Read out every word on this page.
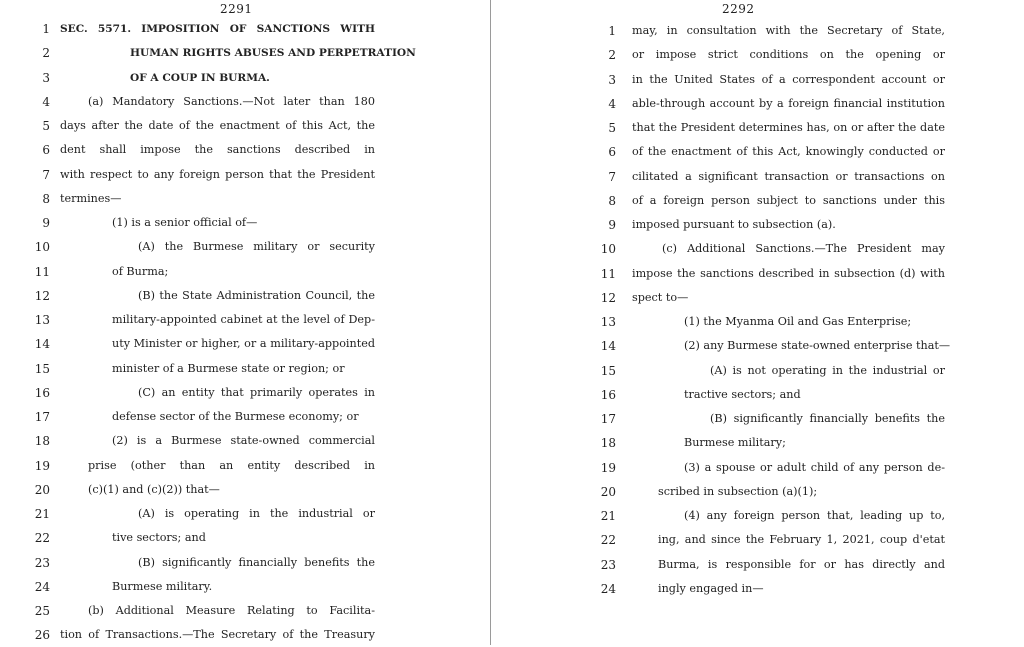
2291
1 SEC. 5571. IMPOSITION OF SANCTIONS WITH
2	HUMAN RIGHTS ABUSES AND PERPETRATION
3	OF A COUP IN BURMA.
4	(a) Mandatory Sanctions.—Not later than 180
5 days after the date of the enactment of this Act, the
6 dent shall impose the sanctions described in
7 with respect to any foreign person that the President
8 termines—
9	(1) is a senior official of—
10	(A) the Burmese military or security
11	of Burma;
12	(B) the State Administration Council, the
13	military-appointed cabinet at the level of Dep-
14	uty Minister or higher, or a military-appointed
15	minister of a Burmese state or region; or
16	(C) an entity that primarily operates in
17	defense sector of the Burmese economy; or
18	(2) is a Burmese state-owned commercial
19	prise (other than an entity described in
20	(c)(1) and (c)(2)) that—
21	(A) is operating in the industrial or
22	tive sectors; and
23	(B) significantly financially benefits the
24	Burmese military.
25	(b) Additional Measure Relating to Facilita-
26 tion of Transactions.—The Secretary of the Treasury
2292
1 may, in consultation with the Secretary of State,
2 or impose strict conditions on the opening or
3 in the United States of a correspondent account or
4 able-through account by a foreign financial institution
5 that the President determines has, on or after the date
6 of the enactment of this Act, knowingly conducted or
7 cilitated a significant transaction or transactions on
8 of a foreign person subject to sanctions under this
9 imposed pursuant to subsection (a).
10	(c) Additional Sanctions.—The President may
11 impose the sanctions described in subsection (d) with
12 spect to—
13	(1) the Myanma Oil and Gas Enterprise;
14	(2) any Burmese state-owned enterprise that—
15	(A) is not operating in the industrial or
16	tractive sectors; and
17	(B) significantly financially benefits the
18	Burmese military;
19	(3) a spouse or adult child of any person de-
20	scribed in subsection (a)(1);
21	(4) any foreign person that, leading up to,
22	ing, and since the February 1, 2021, coup d'etat
23	Burma, is responsible for or has directly and
24	ingly engaged in—
